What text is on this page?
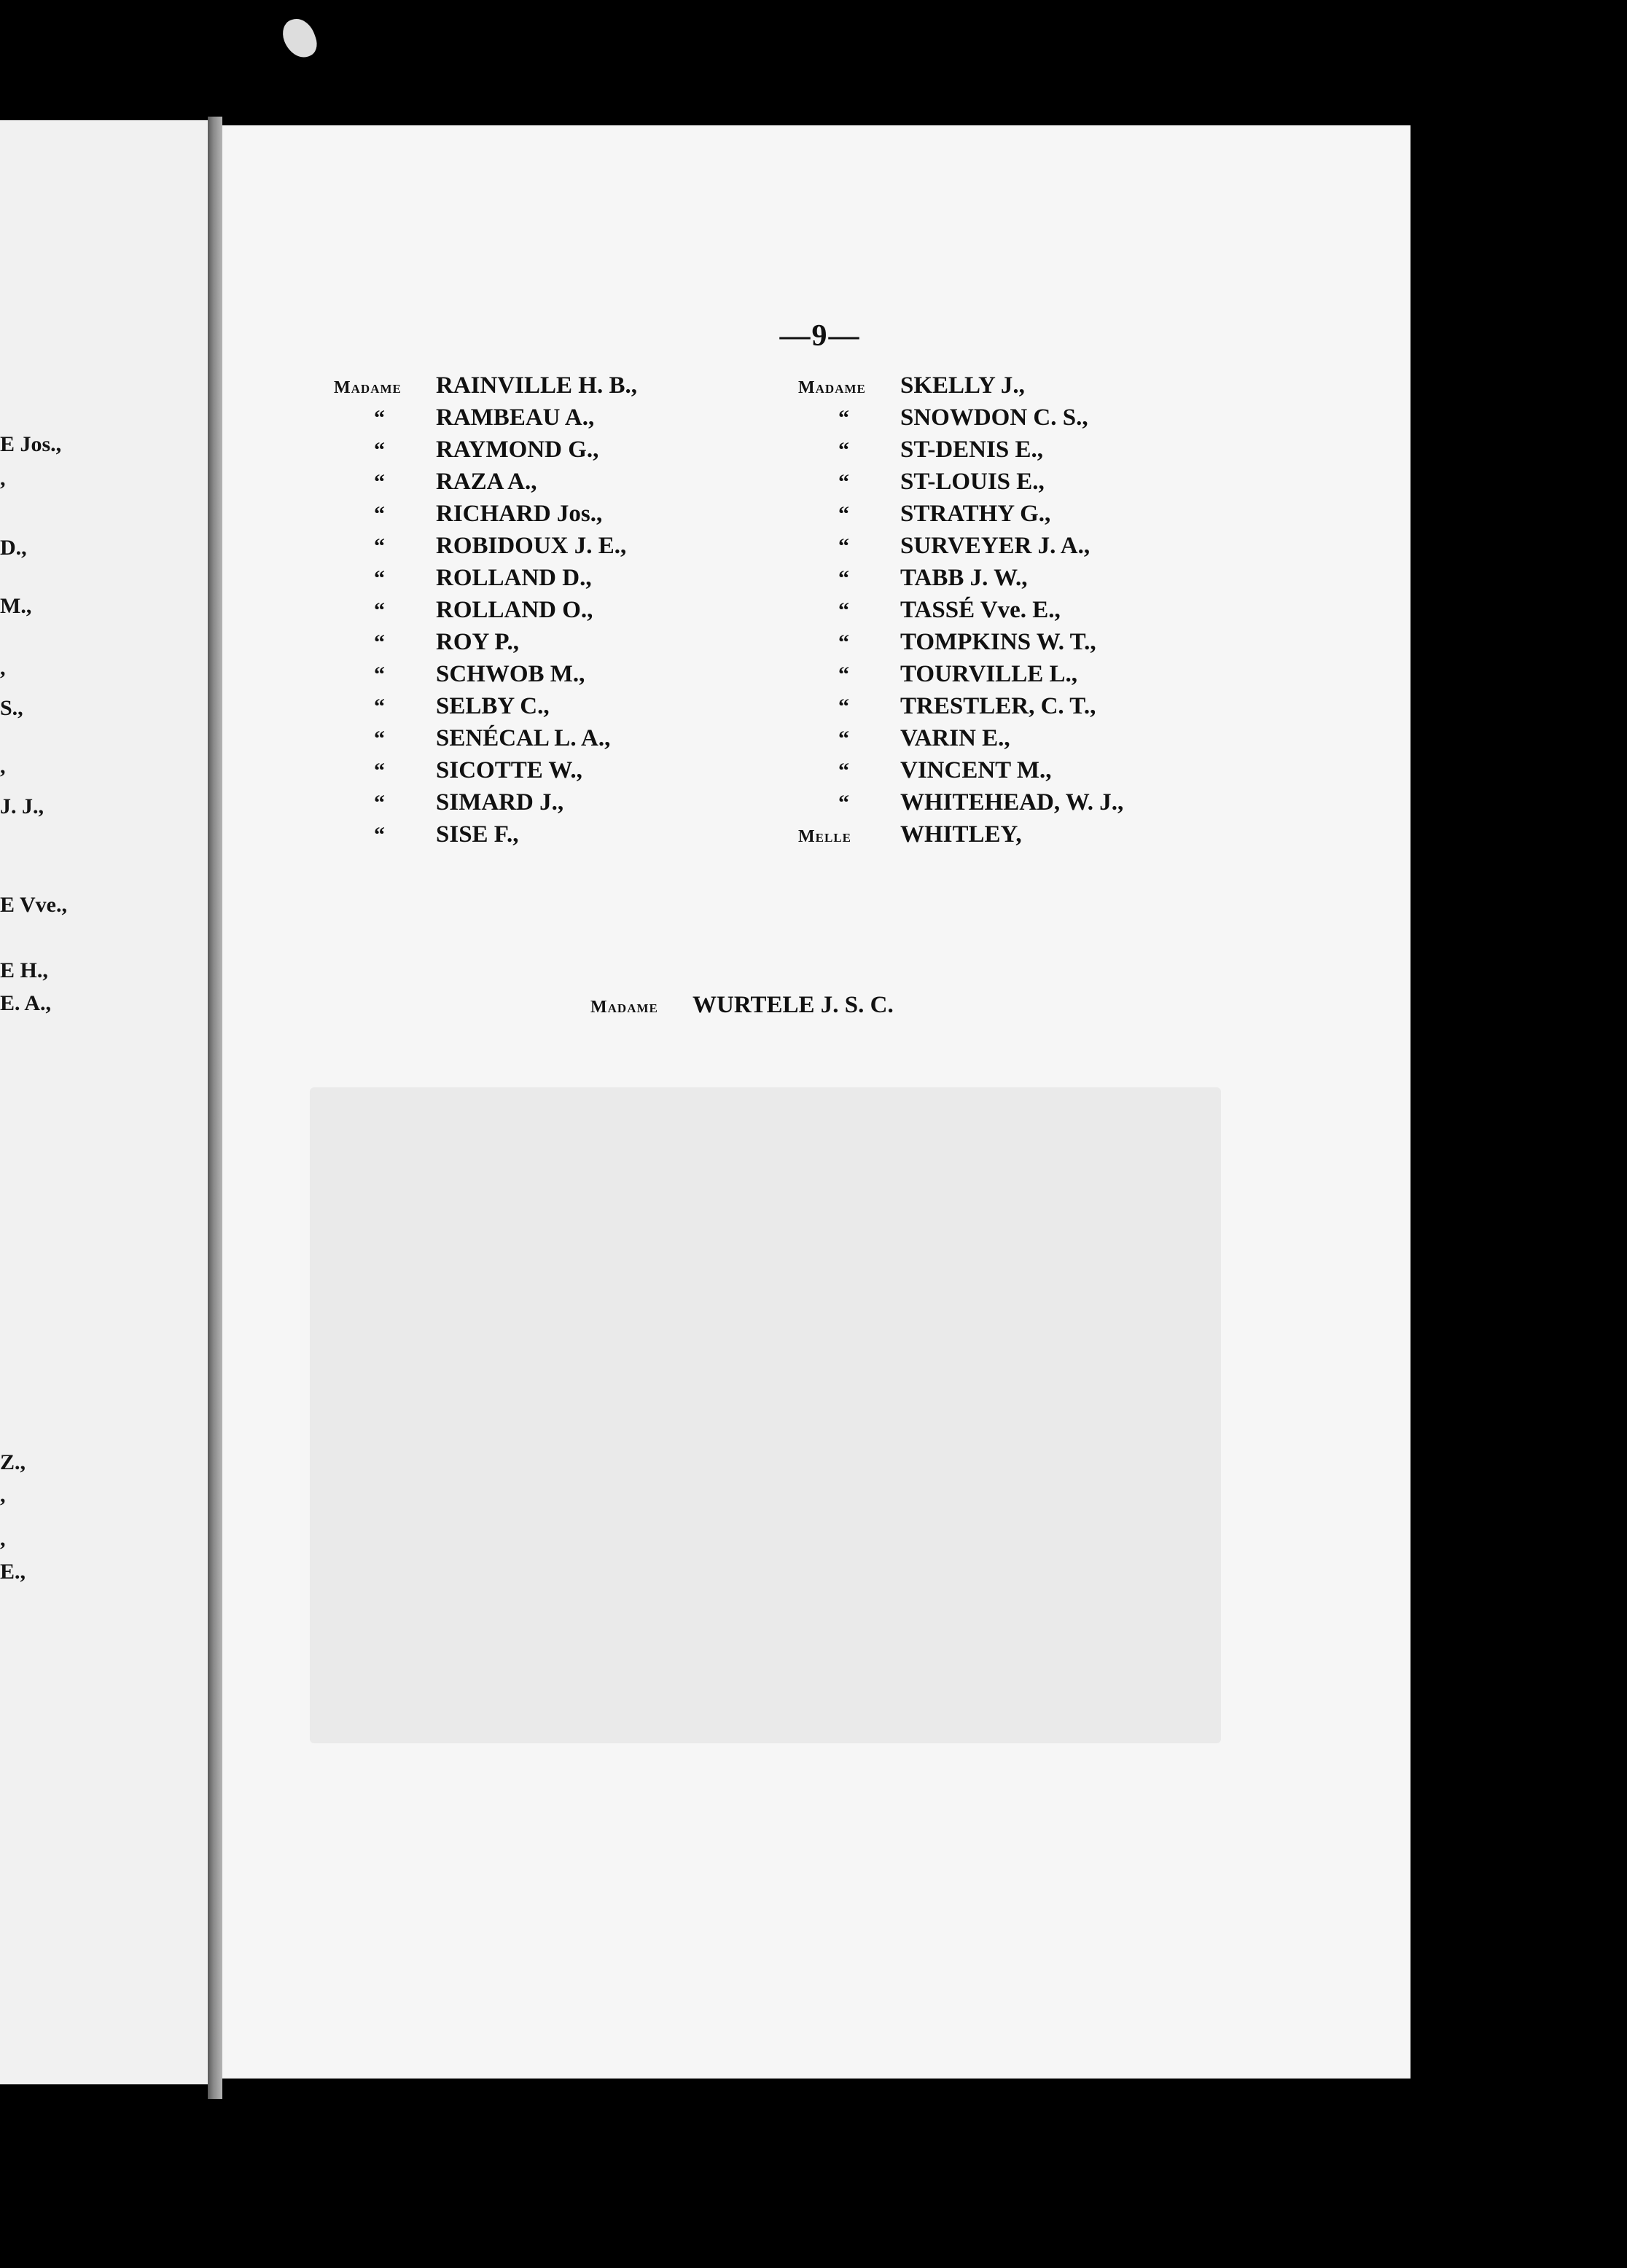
E Jos.,
,
D.,
M.,
,
S.,
,
J. J.,
E Vve.,
E H.,
E. A.,
Z.,
,
,
E.,
—9—
Madame RAINVILLE H. B.,
“ RAMBEAU A.,
“ RAYMOND G.,
“ RAZA A.,
“ RICHARD Jos.,
“ ROBIDOUX J. E.,
“ ROLLAND D.,
“ ROLLAND O.,
“ ROY P.,
“ SCHWOB M.,
“ SELBY C.,
“ SENÉCAL L. A.,
“ SICOTTE W.,
“ SIMARD J.,
“ SISE F.,
Madame SKELLY J.,
“ SNOWDON C. S.,
“ ST-DENIS E.,
“ ST-LOUIS E.,
“ STRATHY G.,
“ SURVEYER J. A.,
“ TABB J. W.,
“ TASSÉ Vve. E.,
“ TOMPKINS W. T.,
“ TOURVILLE L.,
“ TRESTLER, C. T.,
“ VARIN E.,
“ VINCENT M.,
“ WHITEHEAD, W. J.,
Melle WHITLEY,
Madame WURTELE J. S. C.
